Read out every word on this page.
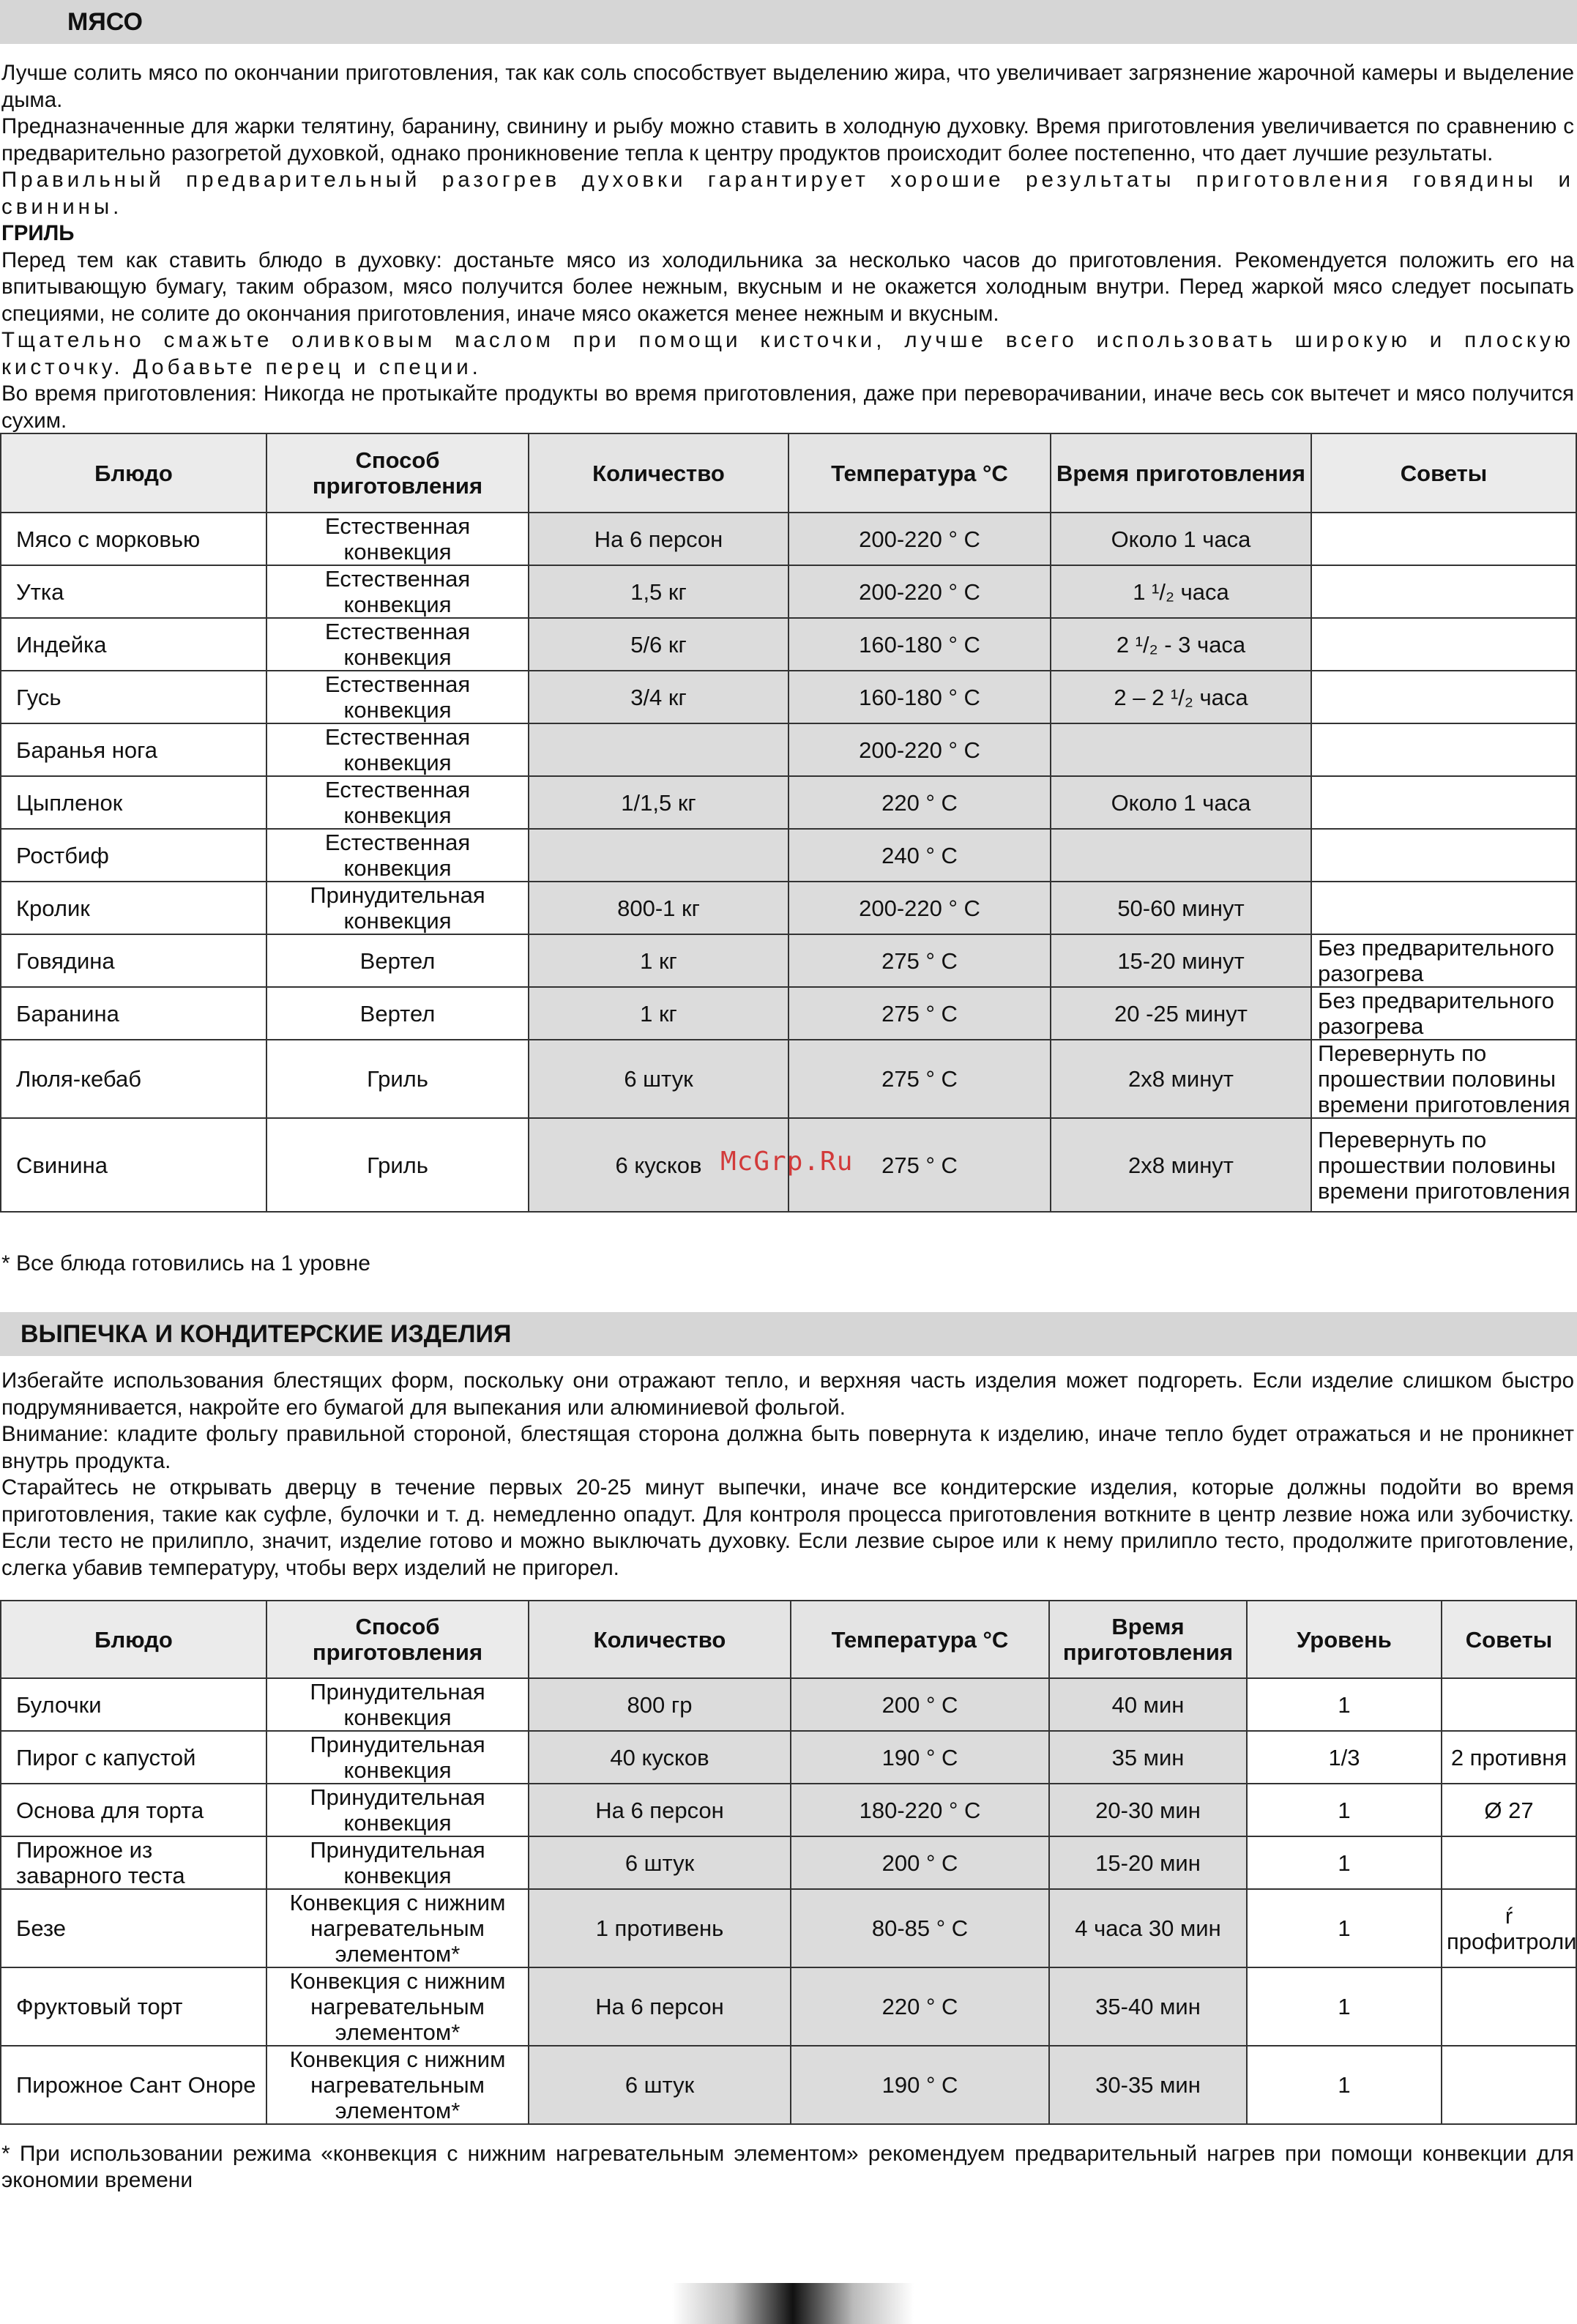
МЯСО

Лучше солить мясо по окончании приготовления, так как соль способствует выделению жира, что увеличивает загрязнение жарочной камеры и выделение дыма.

Предназначенные для жарки телятину, баранину, свинину и рыбу можно ставить в холодную духовку. Время приготовления увеличивается по сравнению с предварительно разогретой духовкой, однако проникновение тепла к центру продуктов происходит более постепенно, что дает лучшие результаты.

Правильный предварительный разогрев духовки гарантирует хорошие результаты приготовления говядины и свинины.

ГРИЛЬ

Перед тем как ставить блюдо в духовку: достаньте мясо из холодильника за несколько часов до приготовления. Рекомендуется положить его на впитывающую бумагу, таким образом, мясо получится более нежным, вкусным и не окажется холодным внутри. Перед жаркой мясо следует посыпать специями, не солите до окончания приготовления, иначе мясо окажется менее нежным и вкусным.

Тщательно смажьте оливковым маслом при помощи кисточки, лучше всего использовать широкую и плоскую кисточку. Добавьте перец и специи.

Во время приготовления: Никогда не протыкайте продукты во время приготовления, даже при переворачивании, иначе весь сок вытечет и мясо получится сухим.

Блюдо	Способ приготовления	Количество	Температура °С	Время приготовления	Советы
Мясо с морковью	Естественная конвекция	На 6 персон	200-220 ° С	Около 1 часа	
Утка	Естественная конвекция	1,5 кг	200-220 ° С	1 ¹/₂ часа	
Индейка	Естественная конвекция	5/6 кг	160-180 ° С	2 ¹/₂ - 3 часа	
Гусь	Естественная конвекция	3/4 кг	160-180 ° С	2 – 2 ¹/₂ часа	
Баранья нога	Естественная конвекция		200-220 ° С		
Цыпленок	Естественная конвекция	1/1,5 кг	220 ° С	Около 1 часа	
Ростбиф	Естественная конвекция		240 ° С		
Кролик	Принудительная конвекция	800-1 кг	200-220 ° С	50-60 минут	
Говядина	Вертел	1 кг	275 ° С	15-20 минут	Без предварительного разогрева
Баранина	Вертел	1 кг	275 ° С	20 -25 минут	Без предварительного разогрева
Люля-кебаб	Гриль	6 штук	275 ° С	2х8 минут	Перевернуть по прошествии половины времени приготовления
Свинина	Гриль	6 кусков	275 ° С	2х8 минут	Перевернуть по прошествии половины времени приготовления
* Все блюда готовились на 1 уровне
McGrp.Ru
ВЫПЕЧКА И КОНДИТЕРСКИЕ ИЗДЕЛИЯ

Избегайте использования блестящих форм, поскольку они отражают тепло, и верхняя часть изделия может подгореть. Если изделие слишком быстро подрумянивается, накройте его бумагой для выпекания или алюминиевой фольгой.

Внимание: кладите фольгу правильной стороной, блестящая сторона должна быть повернута к изделию, иначе тепло будет отражаться и не проникнет внутрь продукта.

Старайтесь не открывать дверцу в течение первых 20-25 минут выпечки, иначе все кондитерские изделия, которые должны подойти во время приготовления, такие как суфле, булочки и т. д. немедленно опадут. Для контроля процесса приготовления воткните в центр лезвие ножа или зубочистку. Если тесто не прилипло, значит, изделие готово и можно выключать духовку. Если лезвие сырое или к нему прилипло тесто, продолжите приготовление, слегка убавив температуру, чтобы верх изделий не пригорел.

Блюдо	Способ приготовления	Количество	Температура °С	Время приготовления	Уровень	Советы
Булочки	Принудительная конвекция	800 гр	200 ° С	40 мин	1	
Пирог с капустой	Принудительная конвекция	40 кусков	190 ° С	35 мин	1/3	2 противня
Основа для торта	Принудительная конвекция	На 6 персон	180-220 ° С	20-30 мин	1	Ø 27
Пирожное из заварного теста	Принудительная конвекция	6 штук	200 ° С	15-20 мин	1	
Безе	Конвекция с нижним нагревательным элементом*	1 противень	80-85 ° С	4 часа 30 мин	1	ŕ профитроли
Фруктовый торт	Конвекция с нижним нагревательным элементом*	На 6 персон	220 ° С	35-40 мин	1	
Пирожное Сант Оноре	Конвекция с нижним нагревательным элементом*	6 штук	190 ° С	30-35 мин	1	
* При использовании режима «конвекция с нижним нагревательным элементом» рекомендуем предварительный нагрев при помощи конвекции для экономии времени
